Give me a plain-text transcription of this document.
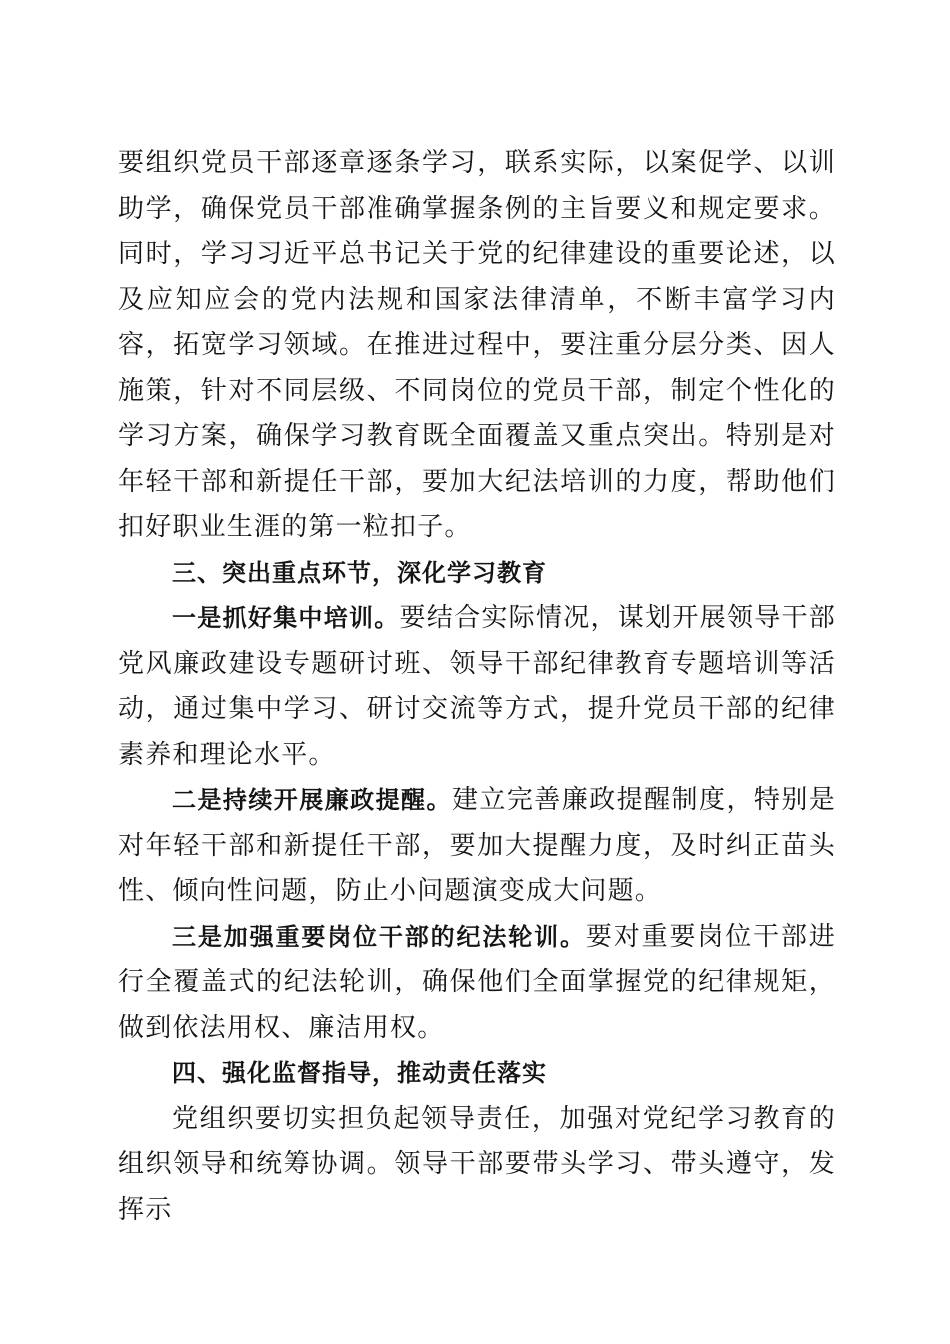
要组织党员干部逐章逐条学习，联系实际，以案促学、以训助学，确保党员干部准确掌握条例的主旨要义和规定要求。同时，学习习近平总书记关于党的纪律建设的重要论述，以及应知应会的党内法规和国家法律清单，不断丰富学习内容，拓宽学习领域。在推进过程中，要注重分层分类、因人施策，针对不同层级、不同岗位的党员干部，制定个性化的学习方案，确保学习教育既全面覆盖又重点突出。特别是对年轻干部和新提任干部，要加大纪法培训的力度，帮助他们扣好职业生涯的第一粒扣子。

三、突出重点环节，深化学习教育

一是抓好集中培训。要结合实际情况，谋划开展领导干部党风廉政建设专题研讨班、领导干部纪律教育专题培训等活动，通过集中学习、研讨交流等方式，提升党员干部的纪律素养和理论水平。

二是持续开展廉政提醒。建立完善廉政提醒制度，特别是对年轻干部和新提任干部，要加大提醒力度，及时纠正苗头性、倾向性问题，防止小问题演变成大问题。

三是加强重要岗位干部的纪法轮训。要对重要岗位干部进行全覆盖式的纪法轮训，确保他们全面掌握党的纪律规矩，做到依法用权、廉洁用权。

四、强化监督指导，推动责任落实

党组织要切实担负起领导责任，加强对党纪学习教育的组织领导和统筹协调。领导干部要带头学习、带头遵守，发挥示
